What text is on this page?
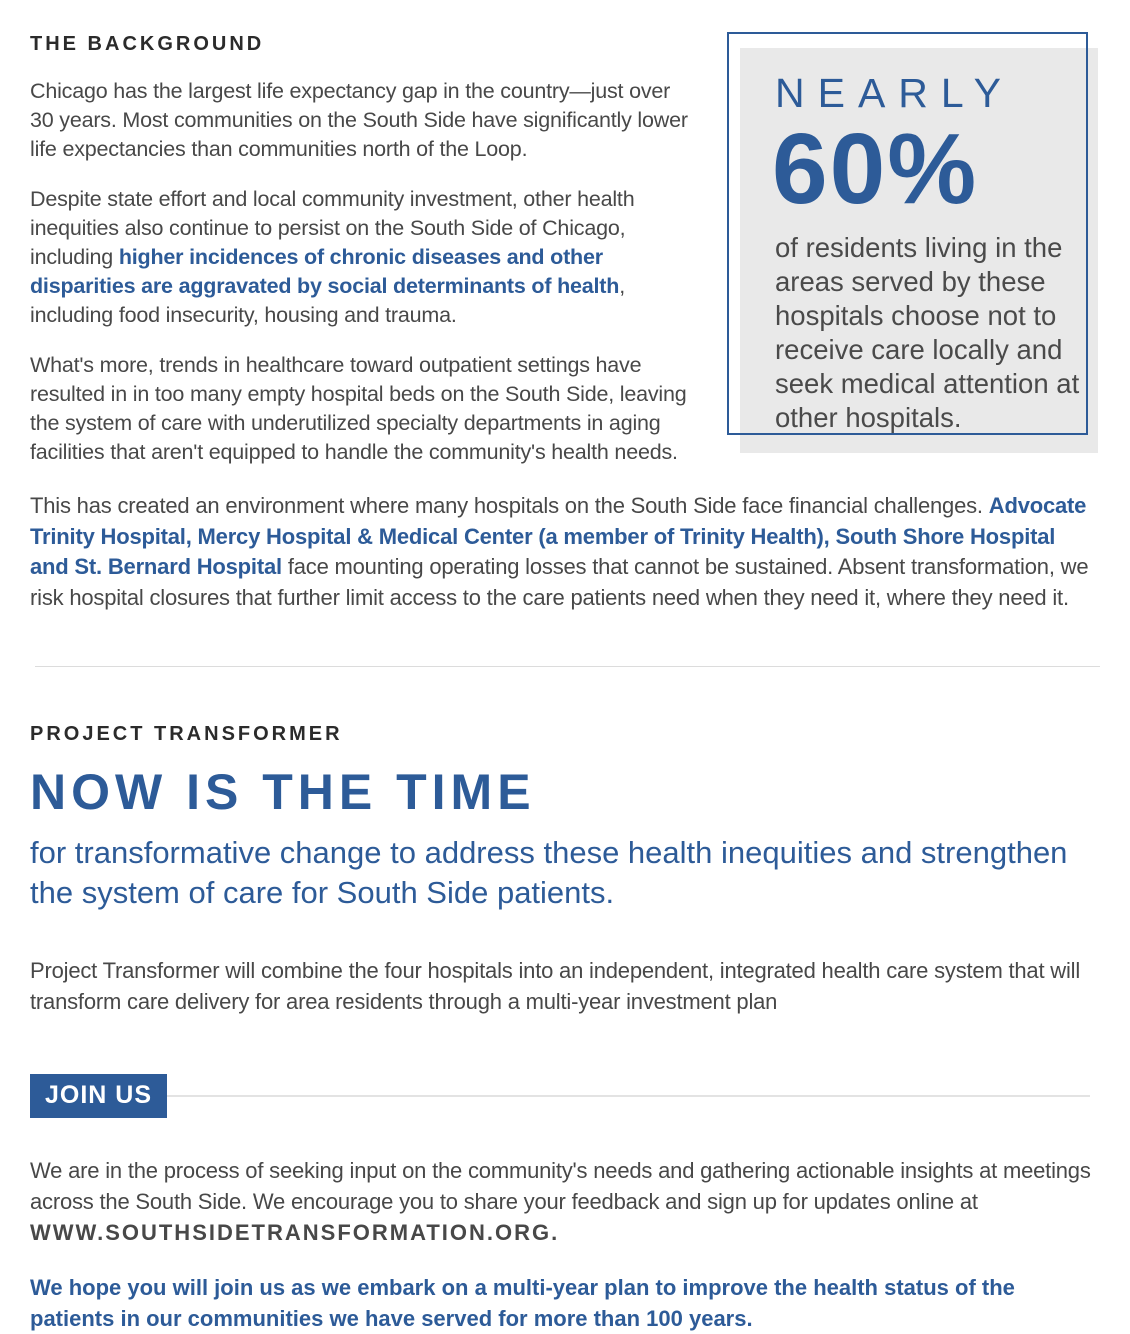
THE BACKGROUND

Chicago has the largest life expectancy gap in the country—just over 30 years. Most communities on the South Side have significantly lower life expectancies than communities north of the Loop.

Despite state effort and local community investment, other health inequities also continue to persist on the South Side of Chicago, including higher incidences of chronic diseases and other disparities are aggravated by social determinants of health, including food insecurity, housing and trauma.

What's more, trends in healthcare toward outpatient settings have resulted in in too many empty hospital beds on the South Side, leaving the system of care with underutilized specialty departments in aging facilities that aren't equipped to handle the community's health needs.

NEARLY
60%
of residents living in the areas served by these hospitals choose not to receive care locally and seek medical attention at other hospitals.

This has created an environment where many hospitals on the South Side face financial challenges. Advocate Trinity Hospital, Mercy Hospital & Medical Center (a member of Trinity Health), South Shore Hospital and St. Bernard Hospital face mounting operating losses that cannot be sustained. Absent transformation, we risk hospital closures that further limit access to the care patients need when they need it, where they need it.

PROJECT TRANSFORMER
NOW IS THE TIME
for transformative change to address these health inequities and strengthen the system of care for South Side patients.

Project Transformer will combine the four hospitals into an independent, integrated health care system that will transform care delivery for area residents through a multi-year investment plan

JOIN US

We are in the process of seeking input on the community's needs and gathering actionable insights at meetings across the South Side. We encourage you to share your feedback and sign up for updates online at WWW.SOUTHSIDETRANSFORMATION.ORG.

We hope you will join us as we embark on a multi-year plan to improve the health status of the patients in our communities we have served for more than 100 years.
